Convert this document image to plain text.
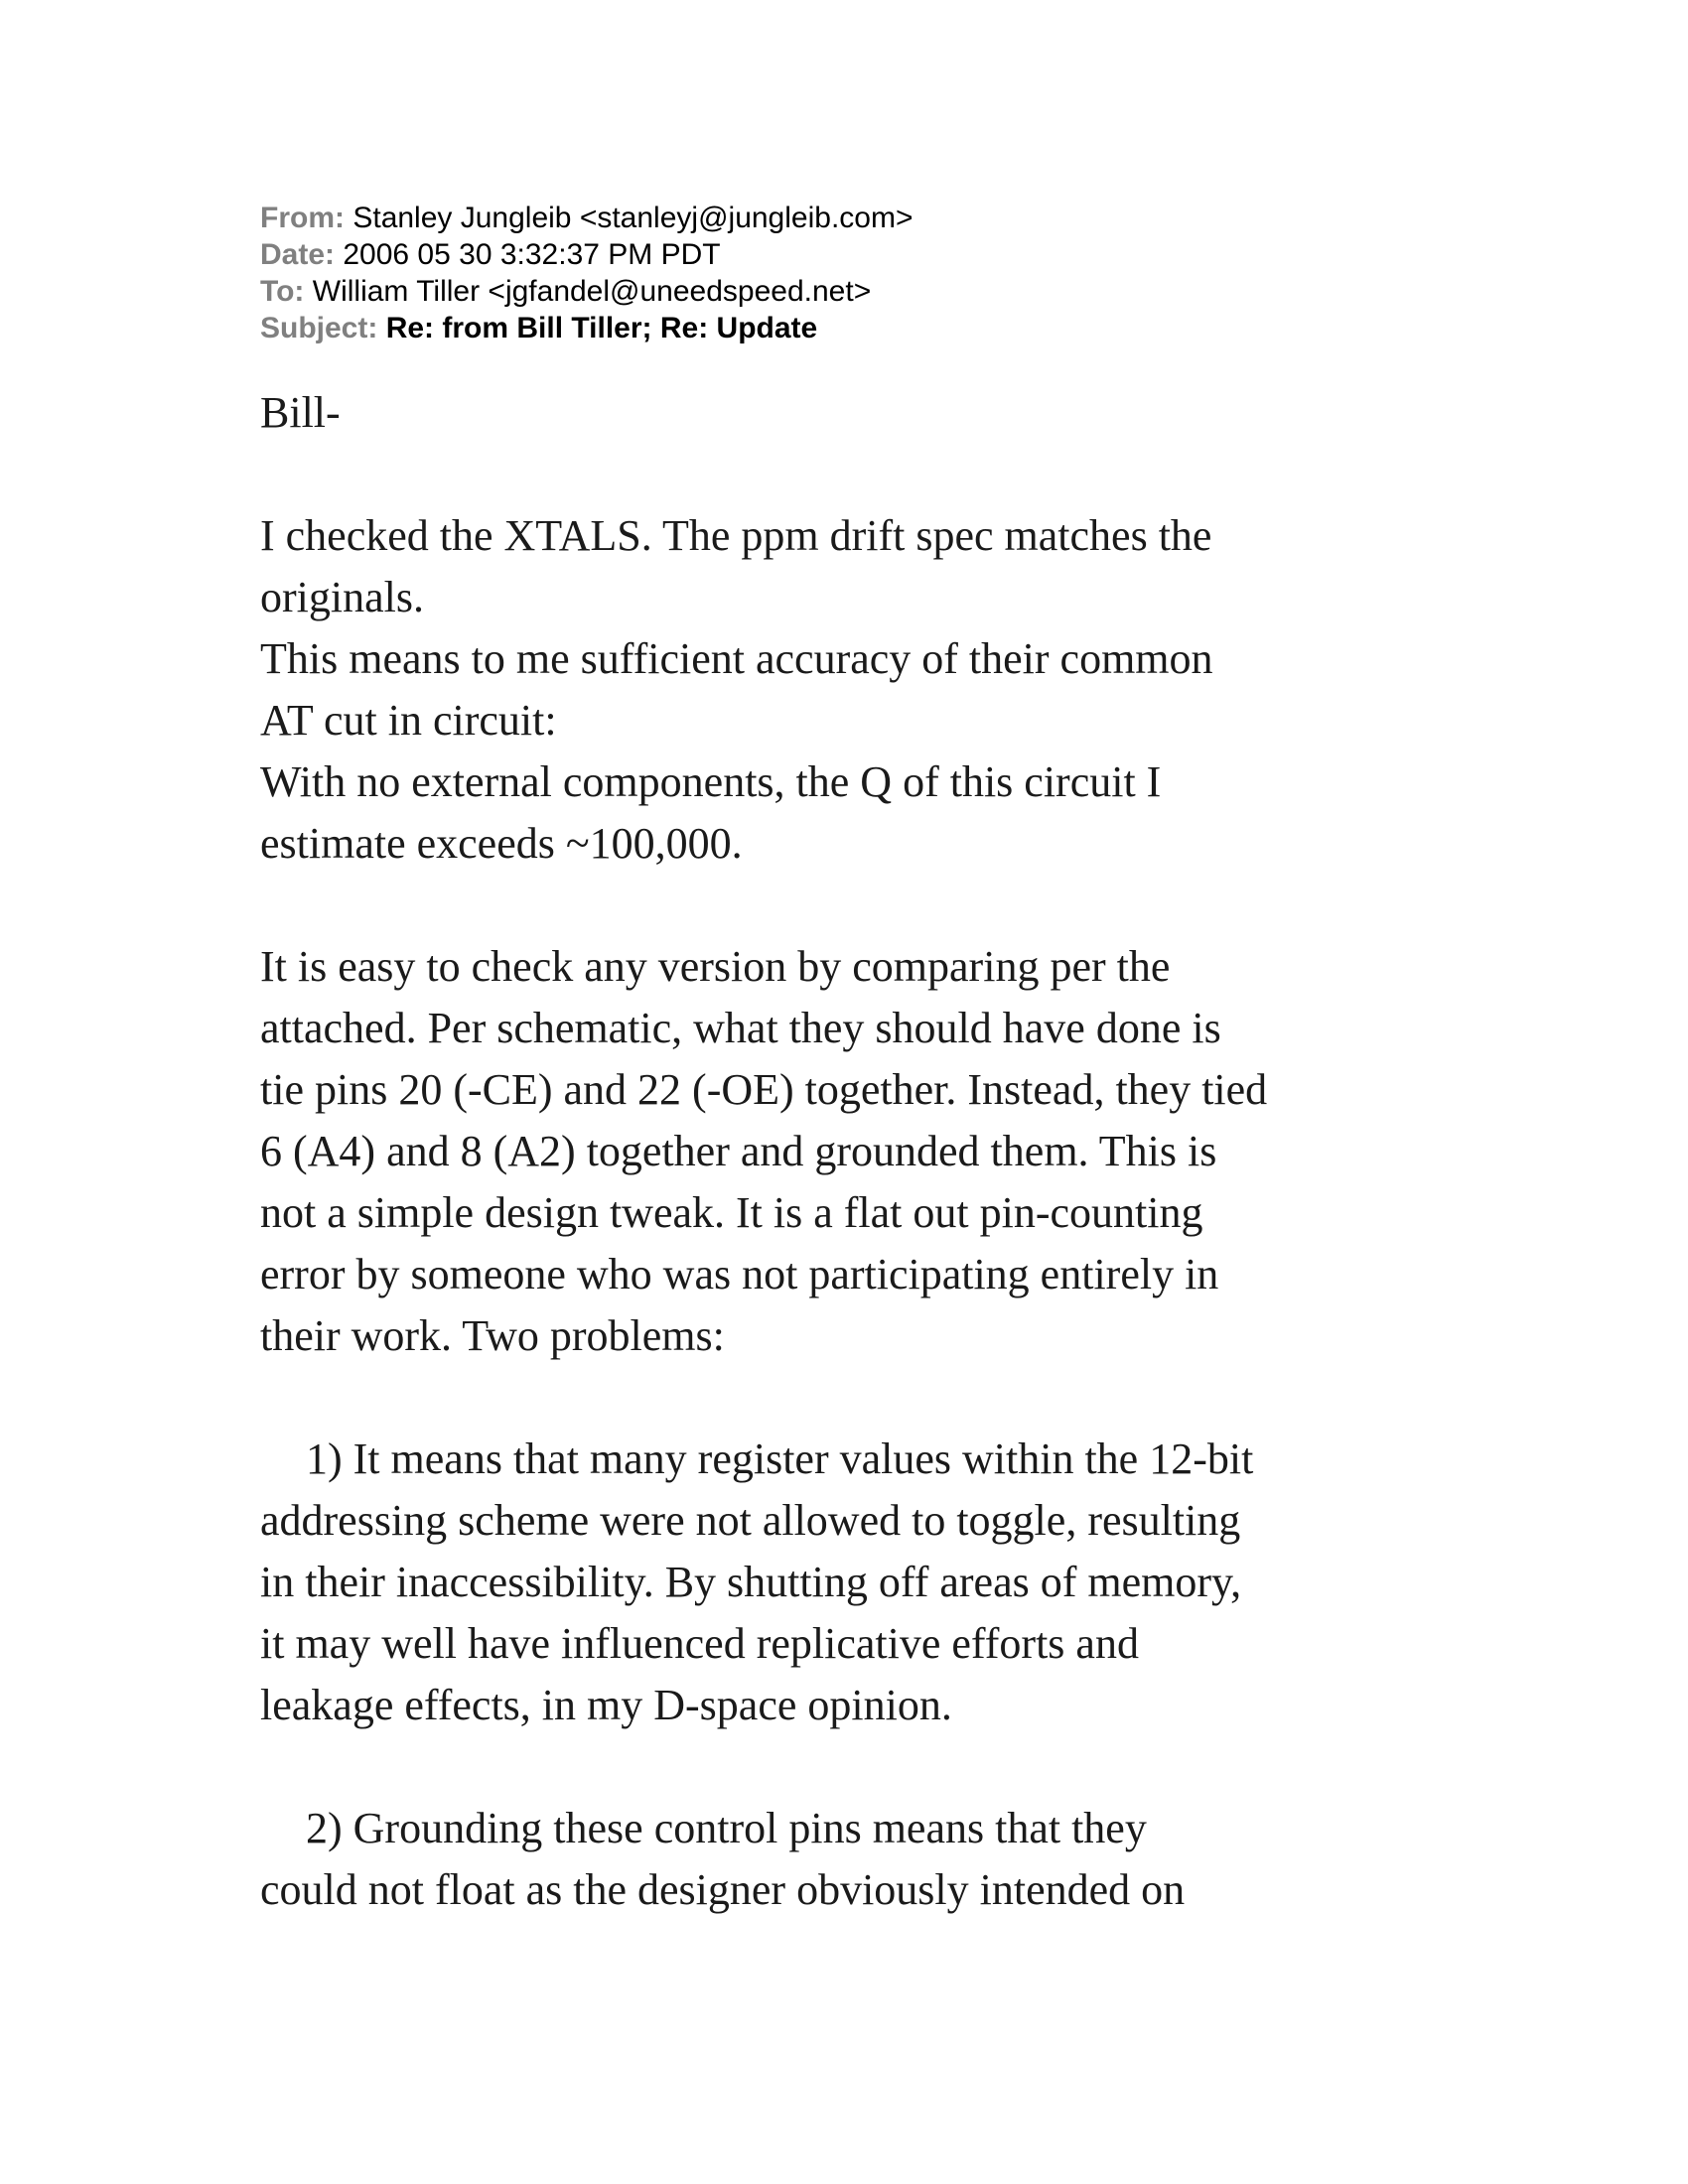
From: Stanley Jungleib <stanleyj@jungleib.com>
Date: 2006 05 30 3:32:37 PM PDT
To: William Tiller <jgfandel@uneedspeed.net>
Subject: Re: from Bill Tiller; Re: Update
Bill-
I checked the XTALS. The ppm drift spec matches the
originals.
This means to me sufficient accuracy of their common
AT cut in circuit:
With no external components, the Q of this circuit I
estimate exceeds ~100,000.
It is easy to check any version by comparing per the
attached. Per schematic, what they should have done is
tie pins 20 (-CE) and 22 (-OE) together. Instead, they tied
6 (A4) and 8 (A2) together and grounded them. This is
not a simple design tweak. It is a flat out pin-counting
error by someone who was not participating entirely in
their work. Two problems:
1) It means that many register values within the 12-bit
addressing scheme were not allowed to toggle, resulting
in their inaccessibility. By shutting off areas of memory,
it may well have influenced replicative efforts and
leakage effects, in my D-space opinion.
2) Grounding these control pins means that they
could not float as the designer obviously intended on
